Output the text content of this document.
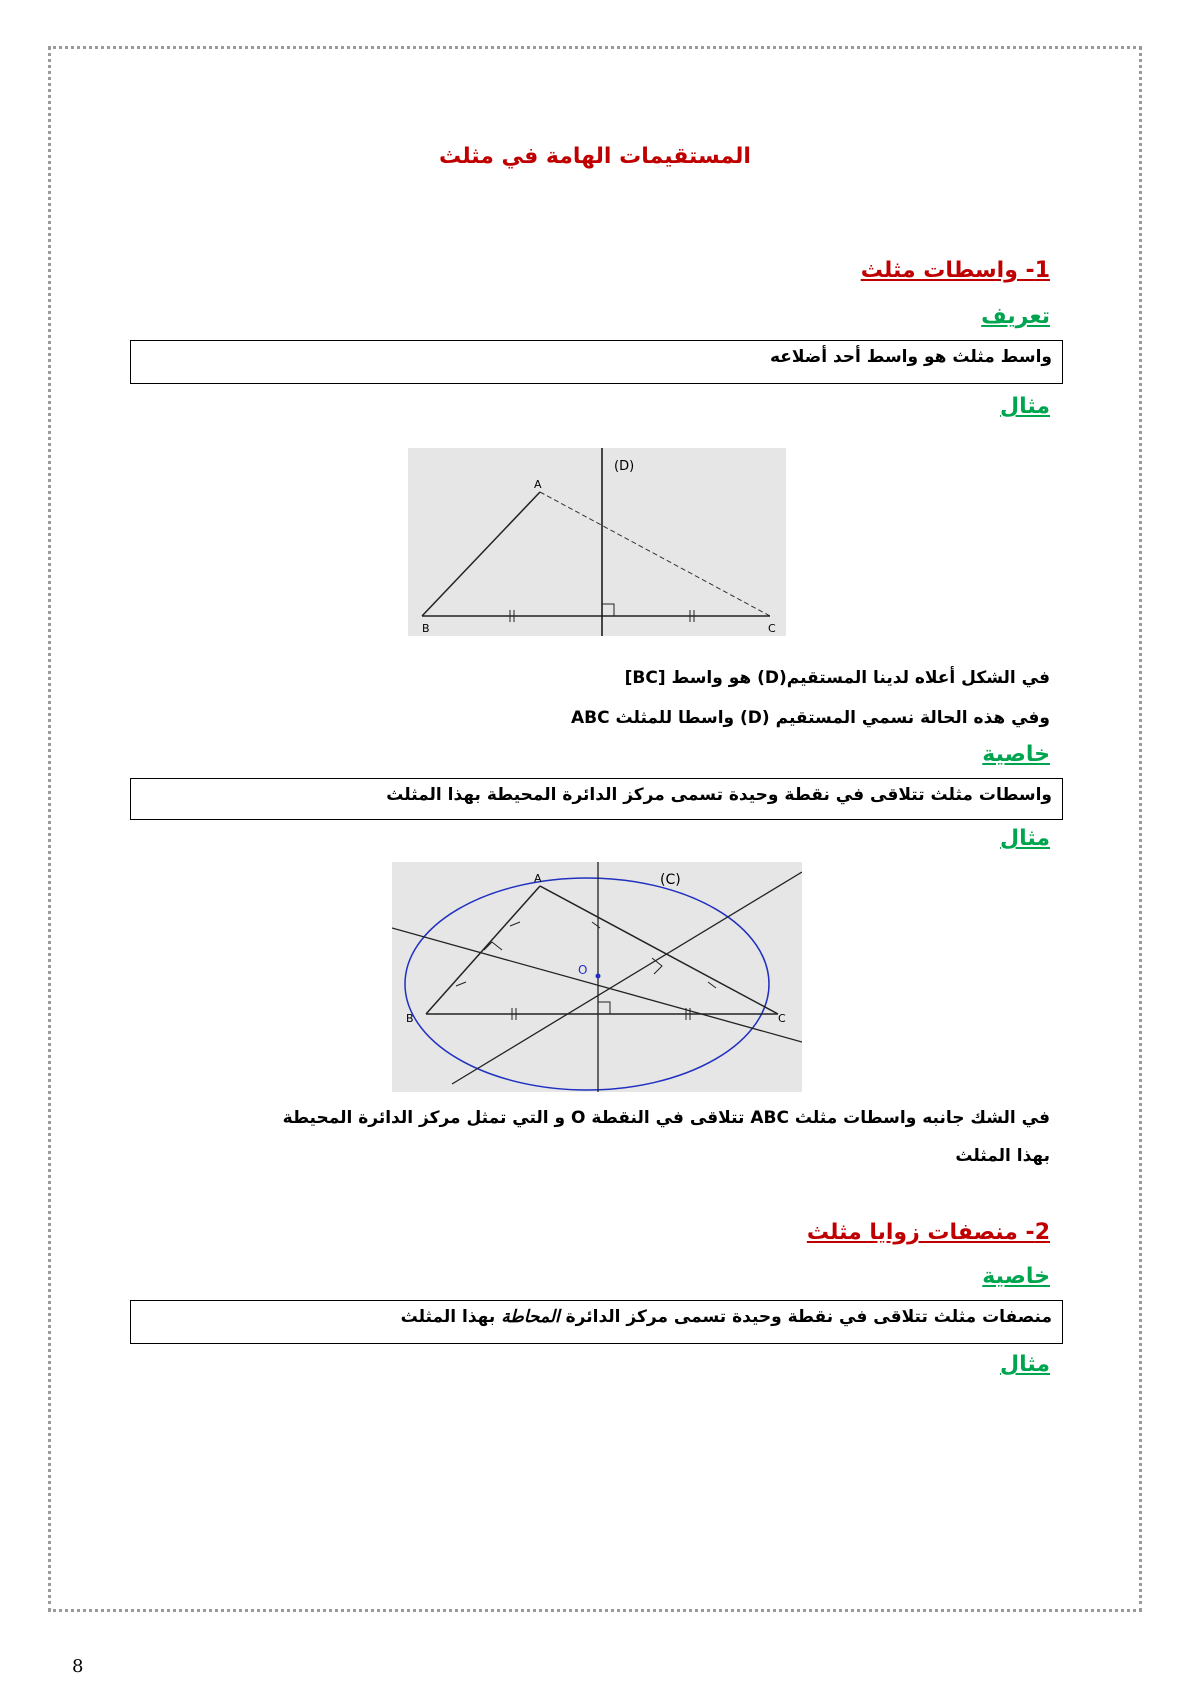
المستقيمات الهامة في مثلث
1- واسطات مثلث
تعريف
واسط مثلث هو واسط أحد أضلاعه
مثال
(D)
A
B	C
في الشكل أعلاه لدينا المستقيم(D) هو واسط [BC]
وفي هذه الحالة نسمي المستقيم (D) واسطا للمثلث ABC
خاصية
واسطات مثلث تتلاقى في نقطة وحيدة تسمى مركز الدائرة المحيطة بهذا المثلث
مثال
(C)
A
B	C
O
في الشك جانبه واسطات مثلث ABC تتلاقى في النقطة O و التي تمثل مركز الدائرة المحيطة
بهذا المثلث
2- منصفات زوايا مثلث
خاصية
منصفات مثلث تتلاقى في نقطة وحيدة تسمى مركز الدائرة المحاطة بهذا المثلث
مثال
8
